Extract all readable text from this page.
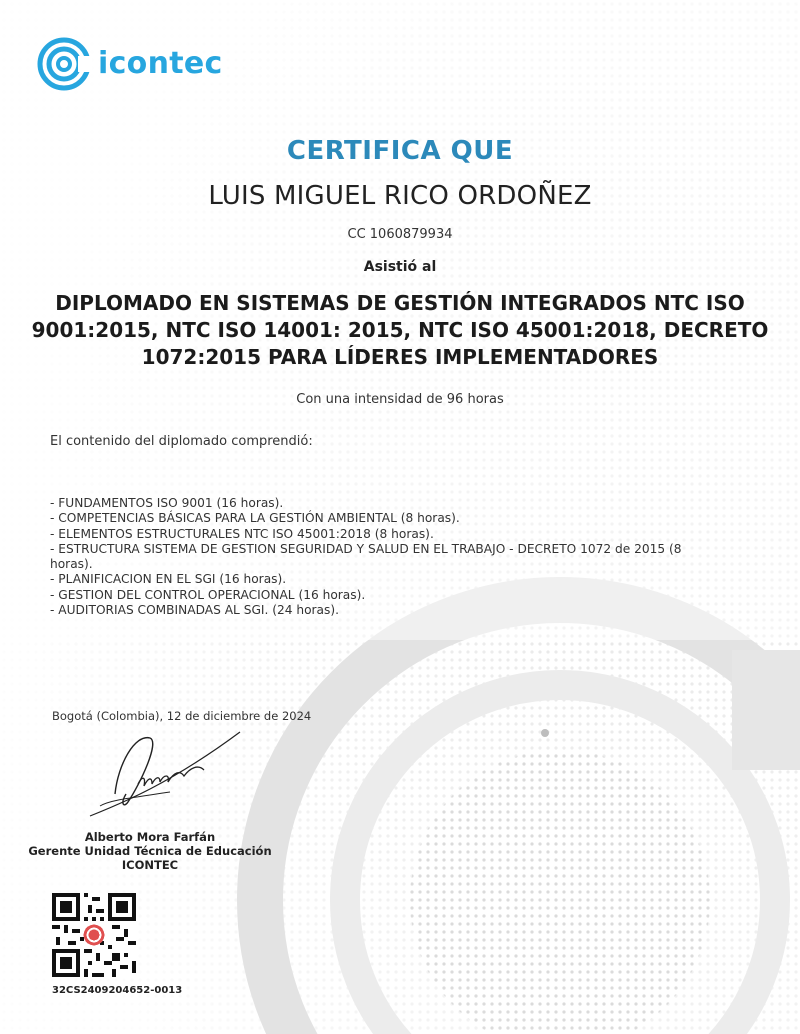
icontec
CERTIFICA QUE
LUIS MIGUEL RICO ORDOÑEZ
CC 1060879934
Asistió al
DIPLOMADO EN SISTEMAS DE GESTIÓN INTEGRADOS NTC ISO
9001:2015, NTC ISO 14001: 2015, NTC ISO 45001:2018, DECRETO
1072:2015 PARA LÍDERES IMPLEMENTADORES
Con una intensidad de 96 horas
El contenido del diplomado comprendió:
- FUNDAMENTOS ISO 9001 (16 horas).
- COMPETENCIAS BÁSICAS PARA LA GESTIÓN AMBIENTAL (8 horas).
- ELEMENTOS ESTRUCTURALES NTC ISO 45001:2018 (8 horas).
- ESTRUCTURA SISTEMA DE GESTION SEGURIDAD Y SALUD EN EL TRABAJO - DECRETO 1072 de 2015 (8
horas).
- PLANIFICACION EN EL SGI (16 horas).
- GESTION DEL CONTROL OPERACIONAL (16 horas).
- AUDITORIAS COMBINADAS AL SGI. (24 horas).
Bogotá (Colombia), 12 de diciembre de 2024
Alberto Mora Farfán
Gerente Unidad Técnica de Educación ICONTEC
32CS2409204652-0013
